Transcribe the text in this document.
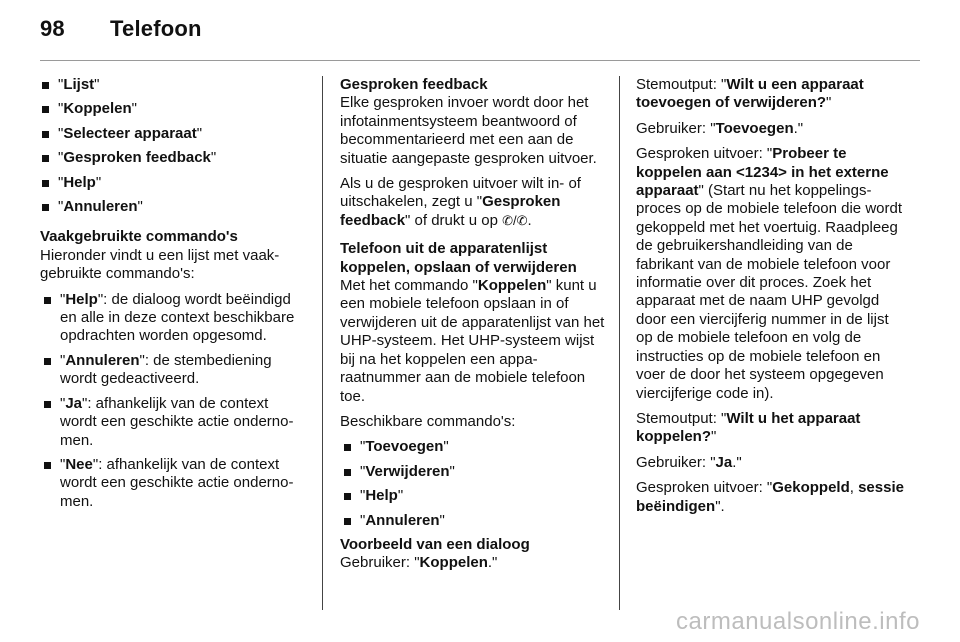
98 Telefoon
"Lijst"
"Koppelen"
"Selecteer apparaat"
"Gesproken feedback"
"Help"
"Annuleren"
Vaakgebruikte commando's

Hieronder vindt u een lijst met vaakgebruikte commando's:

"Help": de dialoog wordt beëindigd en alle in deze context beschikbare opdrachten worden opgesomd.
"Annuleren": de stembediening wordt gedeactiveerd.
"Ja": afhankelijk van de context wordt een geschikte actie ondernomen.
"Nee": afhankelijk van de context wordt een geschikte actie ondernomen.
Gesproken feedback

Elke gesproken invoer wordt door het infotainmentsysteem beantwoord of becommentarieerd met een aan de situatie aangepaste gesproken uitvoer.

Als u de gesproken uitvoer wilt in- of uitschakelen, zegt u "Gesproken feedback" of drukt u op ✆/✆.

Telefoon uit de apparatenlijst koppelen, opslaan of verwijderen

Met het commando "Koppelen" kunt u een mobiele telefoon opslaan in of verwijderen uit de apparatenlijst van het UHP-systeem. Het UHP-systeem wijst bij na het koppelen een apparaatnummer aan de mobiele telefoon toe.

Beschikbare commando's:

"Toevoegen"
"Verwijderen"
"Help"
"Annuleren"
Voorbeeld van een dialoog

Gebruiker: "Koppelen."

Stemoutput: "Wilt u een apparaat toevoegen of verwijderen?"

Gebruiker: "Toevoegen."

Gesproken uitvoer: "Probeer te koppelen aan <1234> in het externe apparaat" (Start nu het koppelingsproces op de mobiele telefoon die wordt gekoppeld met het voertuig. Raadpleeg de gebruikershandleiding van de fabrikant van de mobiele telefoon voor informatie over dit proces. Zoek het apparaat met de naam UHP gevolgd door een viercijferig nummer in de lijst op de mobiele telefoon en volg de instructies op de mobiele telefoon en voer de door het systeem opgegeven viercijferige code in).

Stemoutput: "Wilt u het apparaat koppelen?"

Gebruiker: "Ja."

Gesproken uitvoer: "Gekoppeld, sessie beëindigen".

carmanualsonline.info
